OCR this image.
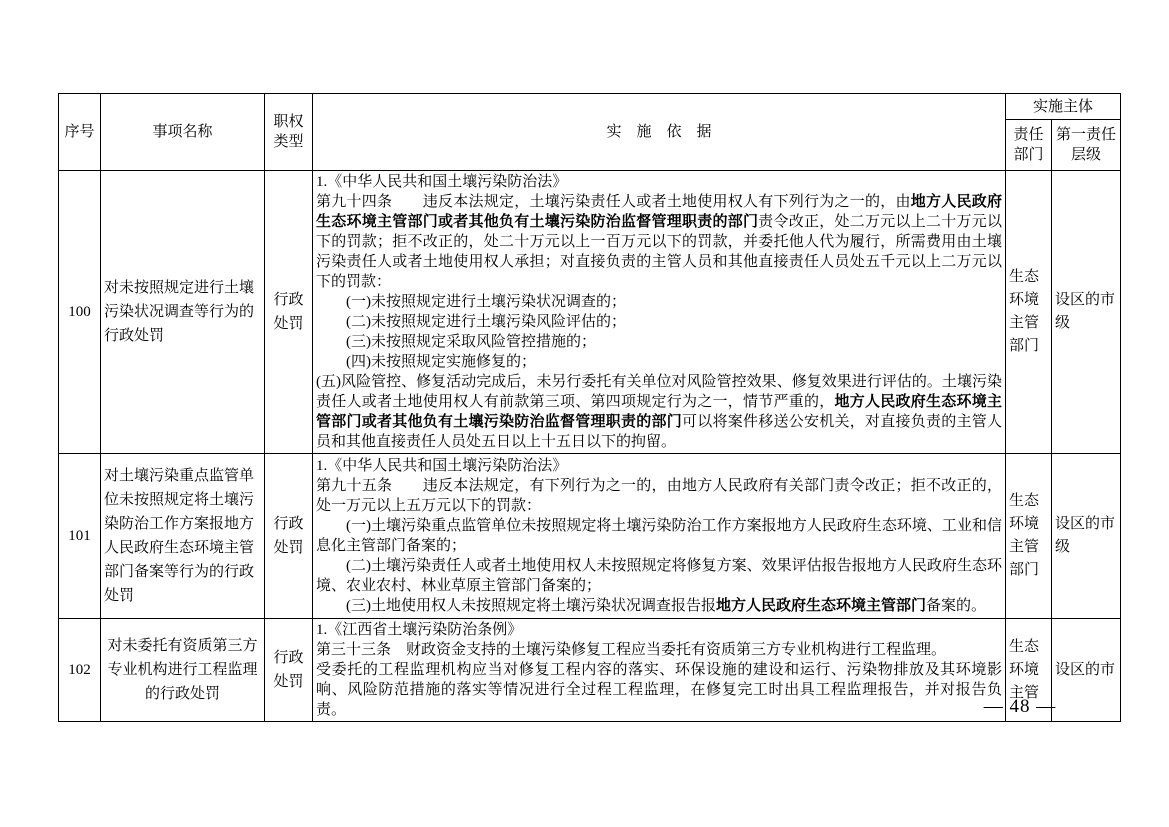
序号	事项名称	职权类型	实　施　依　据	实施主体	
				责任部门	第一责任层级
100	对未按照规定进行土壤污染状况调查等行为的行政处罚	行政处罚	
1.《中华人民共和国土壤污染防治法》
第九十四条　　违反本法规定，土壤污染责任人或者土地使用权人有下列行为之一的，由地方人民政府生态环境主管部门或者其他负有土壤污染防治监督管理职责的部门责令改正，处二万元以上二十万元以下的罚款；拒不改正的，处二十万元以上一百万元以下的罚款，并委托他人代为履行，所需费用由土壤污染责任人或者土地使用权人承担；对直接负责的主管人员和其他直接责任人员处五千元以上二万元以下的罚款：
(一)未按照规定进行土壤污染状况调查的；
(二)未按照规定进行土壤污染风险评估的；
(三)未按照规定采取风险管控措施的；
(四)未按照规定实施修复的；
(五)风险管控、修复活动完成后，未另行委托有关单位对风险管控效果、修复效果进行评估的。土壤污染责任人或者土地使用权人有前款第三项、第四项规定行为之一，情节严重的，地方人民政府生态环境主管部门或者其他负有土壤污染防治监督管理职责的部门可以将案件移送公安机关，对直接负责的主管人员和其他直接责任人员处五日以上十五日以下的拘留。
	生态环境主管部门	设区的市级
101	对土壤污染重点监管单位未按照规定将土壤污染防治工作方案报地方人民政府生态环境主管部门备案等行为的行政处罚	行政处罚	1.《中华人民共和国土壤污染防治法》
第九十五条　　违反本法规定，有下列行为之一的，由地方人民政府有关部门责令改正；拒不改正的，处一万元以上五万元以下的罚款：
(一)土壤污染重点监管单位未按照规定将土壤污染防治工作方案报地方人民政府生态环境、工业和信息化主管部门备案的；
(二)土壤污染责任人或者土地使用权人未按照规定将修复方案、效果评估报告报地方人民政府生态环境、农业农村、林业草原主管部门备案的；
(三)土地使用权人未按照规定将土壤污染状况调查报告报地方人民政府生态环境主管部门备案的。	生态环境主管部门	设区的市级
102	对未委托有资质第三方专业机构进行工程监理的行政处罚	行政处罚	1.《江西省土壤污染防治条例》
第三十三条　财政资金支持的土壤污染修复工程应当委托有资质第三方专业机构进行工程监理。
受委托的工程监理机构应当对修复工程内容的落实、环保设施的建设和运行、污染物排放及其环境影响、风险防范措施的落实等情况进行全过程工程监理，在修复完工时出具工程监理报告，并对报告负责。	生态环境主管	设区的市
— 48 —
